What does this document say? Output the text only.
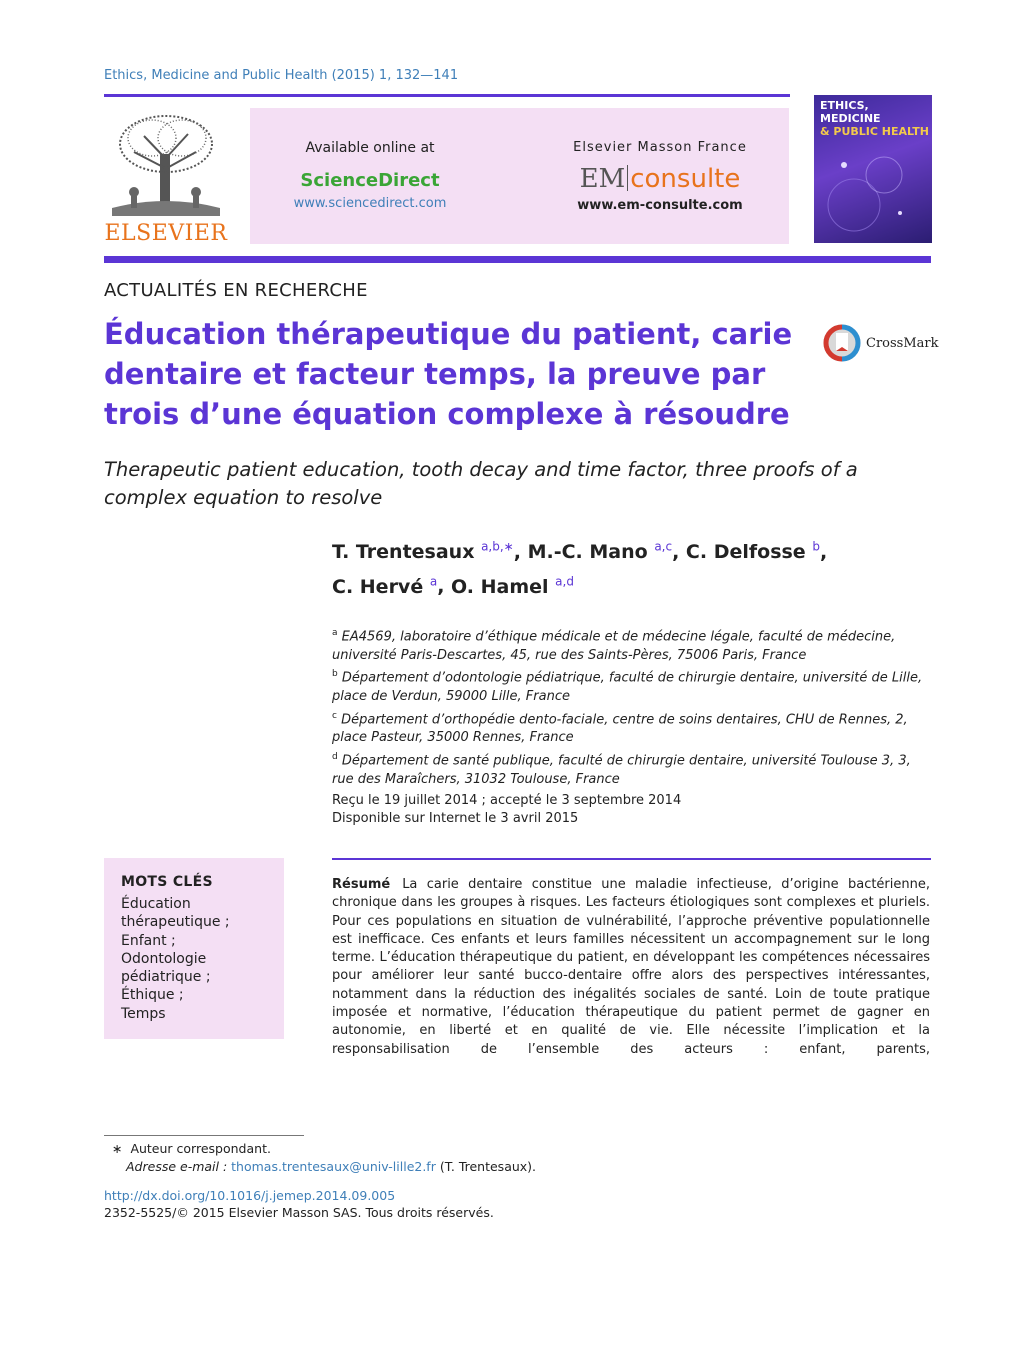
Ethics, Medicine and Public Health (2015) 1, 132—141
ELSEVIER
Available online at
ScienceDirect
www.sciencedirect.com
Elsevier Masson France
EM consulte
www.em-consulte.com
ETHICS, MEDICINE
& PUBLIC HEALTH
ACTUALITÉS EN RECHERCHE
Éducation thérapeutique du patient, carie dentaire et facteur temps, la preuve par trois d’une équation complexe à résoudre
CrossMark
Therapeutic patient education, tooth decay and time factor, three proofs of a complex equation to resolve
T. Trentesaux $^{a,b,∗}$, M.-C. Mano $^{a,c}$, C. Delfosse $^b$,
C. Hervé $^a$, O. Hamel $^{a,d}$
$^a$ EA4569, laboratoire d’éthique médicale et de médecine légale, faculté de médecine, université Paris-Descartes, 45, rue des Saints-Pères, 75006 Paris, France
$^b$ Département d’odontologie pédiatrique, faculté de chirurgie dentaire, université de Lille, place de Verdun, 59000 Lille, France
$^c$ Département d’orthopédie dento-faciale, centre de soins dentaires, CHU de Rennes, 2, place Pasteur, 35000 Rennes, France
$^d$ Département de santé publique, faculté de chirurgie dentaire, université Toulouse 3, 3, rue des Maraîchers, 31032 Toulouse, France
Reçu le 19 juillet 2014 ; accepté le 3 septembre 2014
Disponible sur Internet le 3 avril 2015
MOTS CLÉS
Éducation
thérapeutique ;
Enfant ;
Odontologie
pédiatrique ;
Éthique ;
Temps
Résumé La carie dentaire constitue une maladie infectieuse, d’origine bactérienne, chronique dans les groupes à risques. Les facteurs étiologiques sont complexes et pluriels. Pour ces populations en situation de vulnérabilité, l’approche préventive populationnelle est inefficace. Ces enfants et leurs familles nécessitent un accompagnement sur le long terme. L’éducation thérapeutique du patient, en développant les compétences nécessaires pour améliorer leur santé bucco-dentaire offre alors des perspectives intéressantes, notamment dans la réduction des inégalités sociales de santé. Loin de toute pratique imposée et normative, l’éducation thérapeutique du patient permet de gagner en autonomie, en liberté et en qualité de vie. Elle nécessite l’implication et la responsabilisation de l’ensemble des acteurs : enfant, parents,
∗ Auteur correspondant.
Adresse e-mail : thomas.trentesaux@univ-lille2.fr (T. Trentesaux).
http://dx.doi.org/10.1016/j.jemep.2014.09.005
2352-5525/© 2015 Elsevier Masson SAS. Tous droits réservés.
